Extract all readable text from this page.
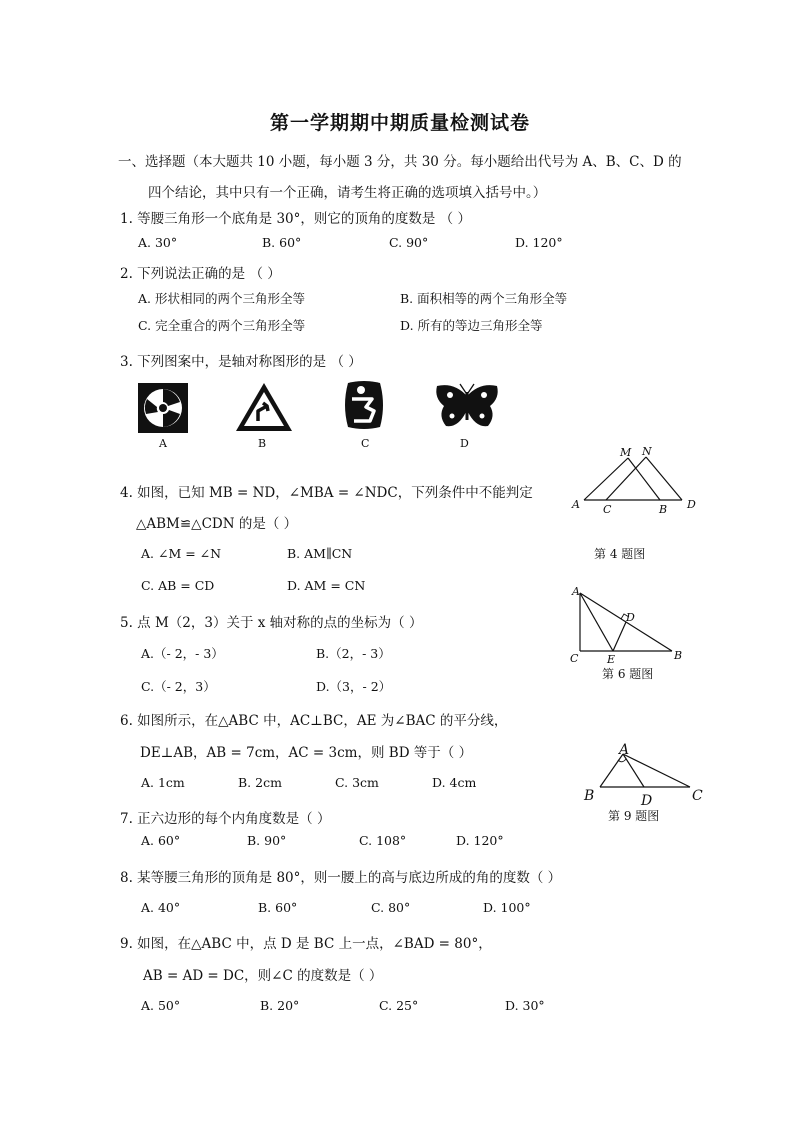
第一学期期中期质量检测试卷
一、选择题（本大题共 10 小题，每小题 3 分，共 30 分。每小题给出代号为 A、B、C、D 的
四个结论，其中只有一个正确，请考生将正确的选项填入括号中。）
1. 等腰三角形一个底角是 30°，则它的顶角的度数是 （ ）
A. 30°	B. 60°	C. 90°	D. 120°
2. 下列说法正确的是 （ ）
A. 形状相同的两个三角形全等	B. 面积相等的两个三角形全等
C. 完全重合的两个三角形全等	D. 所有的等边三角形全等
3. 下列图案中，是轴对称图形的是 （ ）
A	B	C	D
4. 如图，已知 MB = ND，∠MBA = ∠NDC，下列条件中不能判定
△ABM≌△CDN 的是（ ）
A. ∠M = ∠N	B. AM∥CN
C. AB = CD	D. AM = CN
M N
A C	B D
第 4 题图
5. 点 M（2，3）关于 x 轴对称的点的坐标为（ ）
A.（- 2，- 3）	B.（2，- 3）
C.（- 2，3）	D.（3，- 2）
A
D
C	E	B
第 6 题图
6. 如图所示，在△ABC 中，AC⊥BC，AE 为∠BAC 的平分线，
DE⊥AB，AB = 7cm，AC = 3cm，则 BD 等于（ ）
A. 1cm	B. 2cm	C. 3cm	D. 4cm
A
B	D	C
第 9 题图
7. 正六边形的每个内角度数是（ ）
A. 60°	B. 90°	C. 108°	D. 120°
8. 某等腰三角形的顶角是 80°，则一腰上的高与底边所成的角的度数（ ）
A. 40°	B. 60°	C. 80°	D. 100°
9. 如图，在△ABC 中，点 D 是 BC 上一点，∠BAD = 80°，
AB = AD = DC，则∠C 的度数是（ ）
A. 50°	B. 20°	C. 25°	D. 30°
